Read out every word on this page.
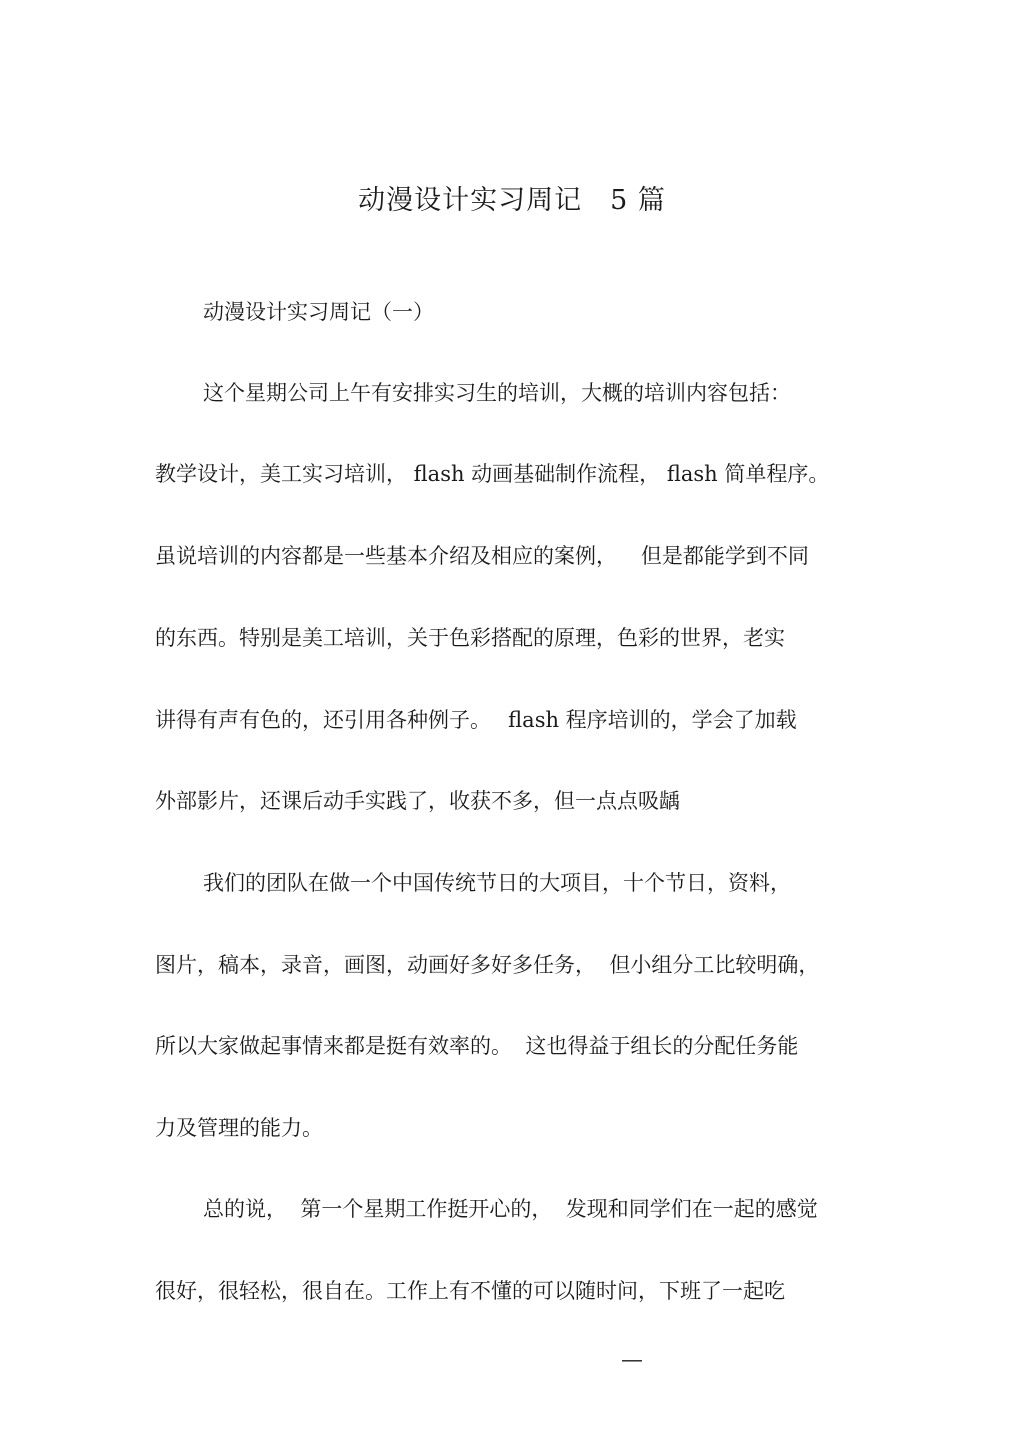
动漫设计实习周记　5 篇
动漫设计实习周记（一）
这个星期公司上午有安排实习生的培训，大概的培训内容包括：
教学设计，美工实习培训， flash 动画基础制作流程， flash 简单程序。
虽说培训的内容都是一些基本介绍及相应的案例，　  但是都能学到不同
的东西。特别是美工培训，关于色彩搭配的原理，色彩的世界，老实
讲得有声有色的，还引用各种例子。　 flash 程序培训的，学会了加载
外部影片，还课后动手实践了，收获不多，但一点点吸龋
我们的团队在做一个中国传统节日的大项目，十个节日，资料，
图片，稿本，录音，画图，动画好多好多任务，  但小组分工比较明确，
所以大家做起事情来都是挺有效率的。  这也得益于组长的分配任务能
力及管理的能力。
总的说，  第一个星期工作挺开心的，  发现和同学们在一起的感觉
很好，很轻松，很自在。工作上有不懂的可以随时问，下班了一起吃
—
